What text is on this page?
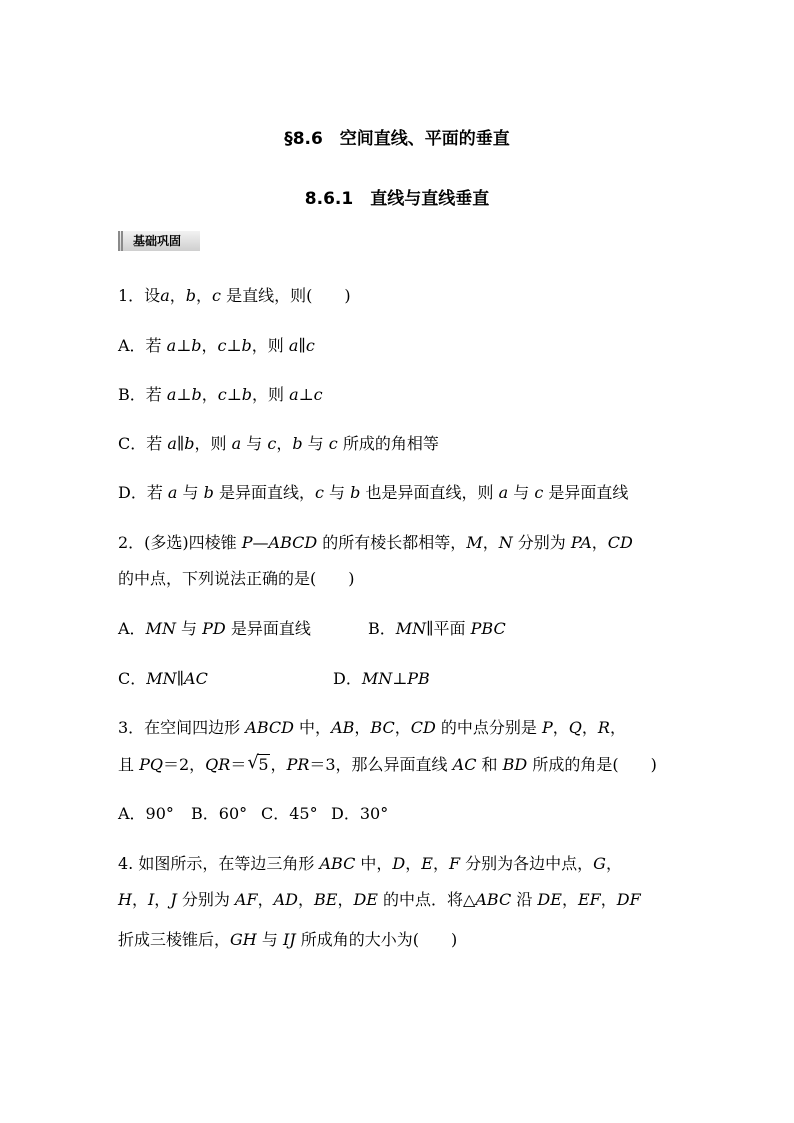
§8.6　空间直线、平面的垂直
8.6.1　直线与直线垂直
基础巩固
1．设a，b，c 是直线，则(　　)
A．若 a⊥b，c⊥b，则 a∥c
B．若 a⊥b，c⊥b，则 a⊥c
C．若 a∥b，则 a 与 c，b 与 c 所成的角相等
D．若 a 与 b 是异面直线，c 与 b 也是异面直线，则 a 与 c 是异面直线
2．(多选)四棱锥 P—ABCD 的所有棱长都相等，M，N 分别为 PA，CD
的中点，下列说法正确的是(　　)
A．MN 与 PD 是异面直线	B．MN∥平面 PBC
C．MN∥AC	D．MN⊥PB
3．在空间四边形 ABCD 中，AB，BC，CD 的中点分别是 P，Q，R，
且 PQ＝2，QR＝ √ 5 ，PR＝3，那么异面直线 AC 和 BD 所成的角是(　　)
A．90° B．60° C．45° D．30°
4. 如图所示，在等边三角形 ABC 中，D，E，F 分别为各边中点，G，
H，I，J 分别为 AF，AD，BE，DE 的中点．将△ABC 沿 DE，EF，DF
折成三棱锥后，GH 与 IJ 所成角的大小为(　　)
